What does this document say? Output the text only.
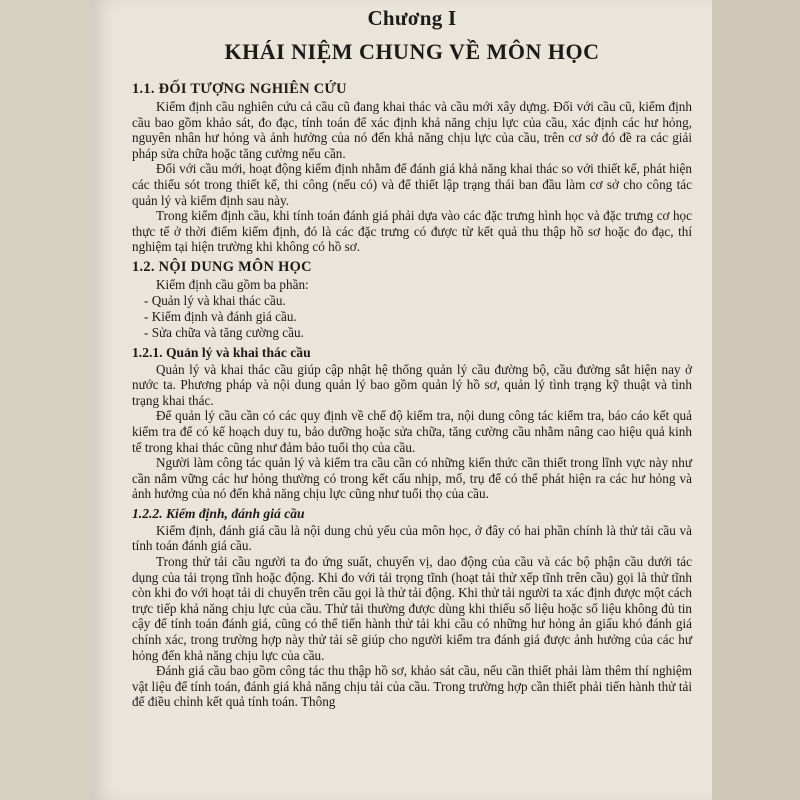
Chương I
KHÁI NIỆM CHUNG VỀ MÔN HỌC
1.1. ĐỐI TƯỢNG NGHIÊN CỨU

Kiểm định cầu nghiên cứu cả cầu cũ đang khai thác và cầu mới xây dựng. Đối với cầu cũ, kiểm định cầu bao gồm khảo sát, đo đạc, tính toán để xác định khả năng chịu lực của cầu, xác định các hư hỏng, nguyên nhân hư hỏng và ảnh hưởng của nó đến khả năng chịu lực của cầu, trên cơ sở đó đề ra các giải pháp sửa chữa hoặc tăng cường nếu cần.

Đối với cầu mới, hoạt động kiểm định nhằm để đánh giá khả năng khai thác so với thiết kế, phát hiện các thiếu sót trong thiết kế, thi công (nếu có) và để thiết lập trạng thái ban đầu làm cơ sở cho công tác quản lý và kiểm định sau này.

Trong kiểm định cầu, khi tính toán đánh giá phải dựa vào các đặc trưng hình học và đặc trưng cơ học thực tế ở thời điểm kiểm định, đó là các đặc trưng có được từ kết quả thu thập hồ sơ hoặc đo đạc, thí nghiệm tại hiện trường khi không có hồ sơ.

1.2. NỘI DUNG MÔN HỌC

Kiểm định cầu gồm ba phần:

- Quản lý và khai thác cầu.
- Kiểm định và đánh giá cầu.
- Sửa chữa và tăng cường cầu.
1.2.1. Quản lý và khai thác cầu

Quản lý và khai thác cầu giúp cập nhật hệ thống quản lý cầu đường bộ, cầu đường sắt hiện nay ở nước ta. Phương pháp và nội dung quản lý bao gồm quản lý hồ sơ, quản lý tình trạng kỹ thuật và tình trạng khai thác.

Để quản lý cầu cần có các quy định về chế độ kiểm tra, nội dung công tác kiểm tra, báo cáo kết quả kiểm tra để có kế hoạch duy tu, bảo dưỡng hoặc sửa chữa, tăng cường cầu nhằm nâng cao hiệu quả kinh tế trong khai thác cũng như đảm bảo tuổi thọ của cầu.

Người làm công tác quản lý và kiểm tra cầu cần có những kiến thức cần thiết trong lĩnh vực này như cần nắm vững các hư hỏng thường có trong kết cấu nhịp, mố, trụ để có thể phát hiện ra các hư hỏng và ảnh hưởng của nó đến khả năng chịu lực cũng như tuổi thọ của cầu.

1.2.2. Kiểm định, đánh giá cầu

Kiểm định, đánh giá cầu là nội dung chủ yếu của môn học, ở đây có hai phần chính là thử tải cầu và tính toán đánh giá cầu.

Trong thử tải cầu người ta đo ứng suất, chuyển vị, dao động của cầu và các bộ phận cầu dưới tác dụng của tải trọng tĩnh hoặc động. Khi đo với tải trọng tĩnh (hoạt tải thử xếp tĩnh trên cầu) gọi là thử tĩnh còn khi đo với hoạt tải di chuyển trên cầu gọi là thử tải động. Khi thử tải người ta xác định được một cách trực tiếp khả năng chịu lực của cầu. Thử tải thường được dùng khi thiếu số liệu hoặc số liệu không đủ tin cậy để tính toán đánh giá, cũng có thể tiến hành thử tải khi cầu có những hư hỏng ản giấu khó đánh giá chính xác, trong trường hợp này thử tải sẽ giúp cho người kiểm tra đánh giá được ảnh hưởng của các hư hỏng đến khả năng chịu lực của cầu.

Đánh giá cầu bao gồm công tác thu thập hồ sơ, khảo sát cầu, nếu cần thiết phải làm thêm thí nghiệm vật liệu để tính toán, đánh giá khả năng chịu tải của cầu. Trong trường hợp cần thiết phải tiến hành thử tải để điều chỉnh kết quả tính toán. Thông
